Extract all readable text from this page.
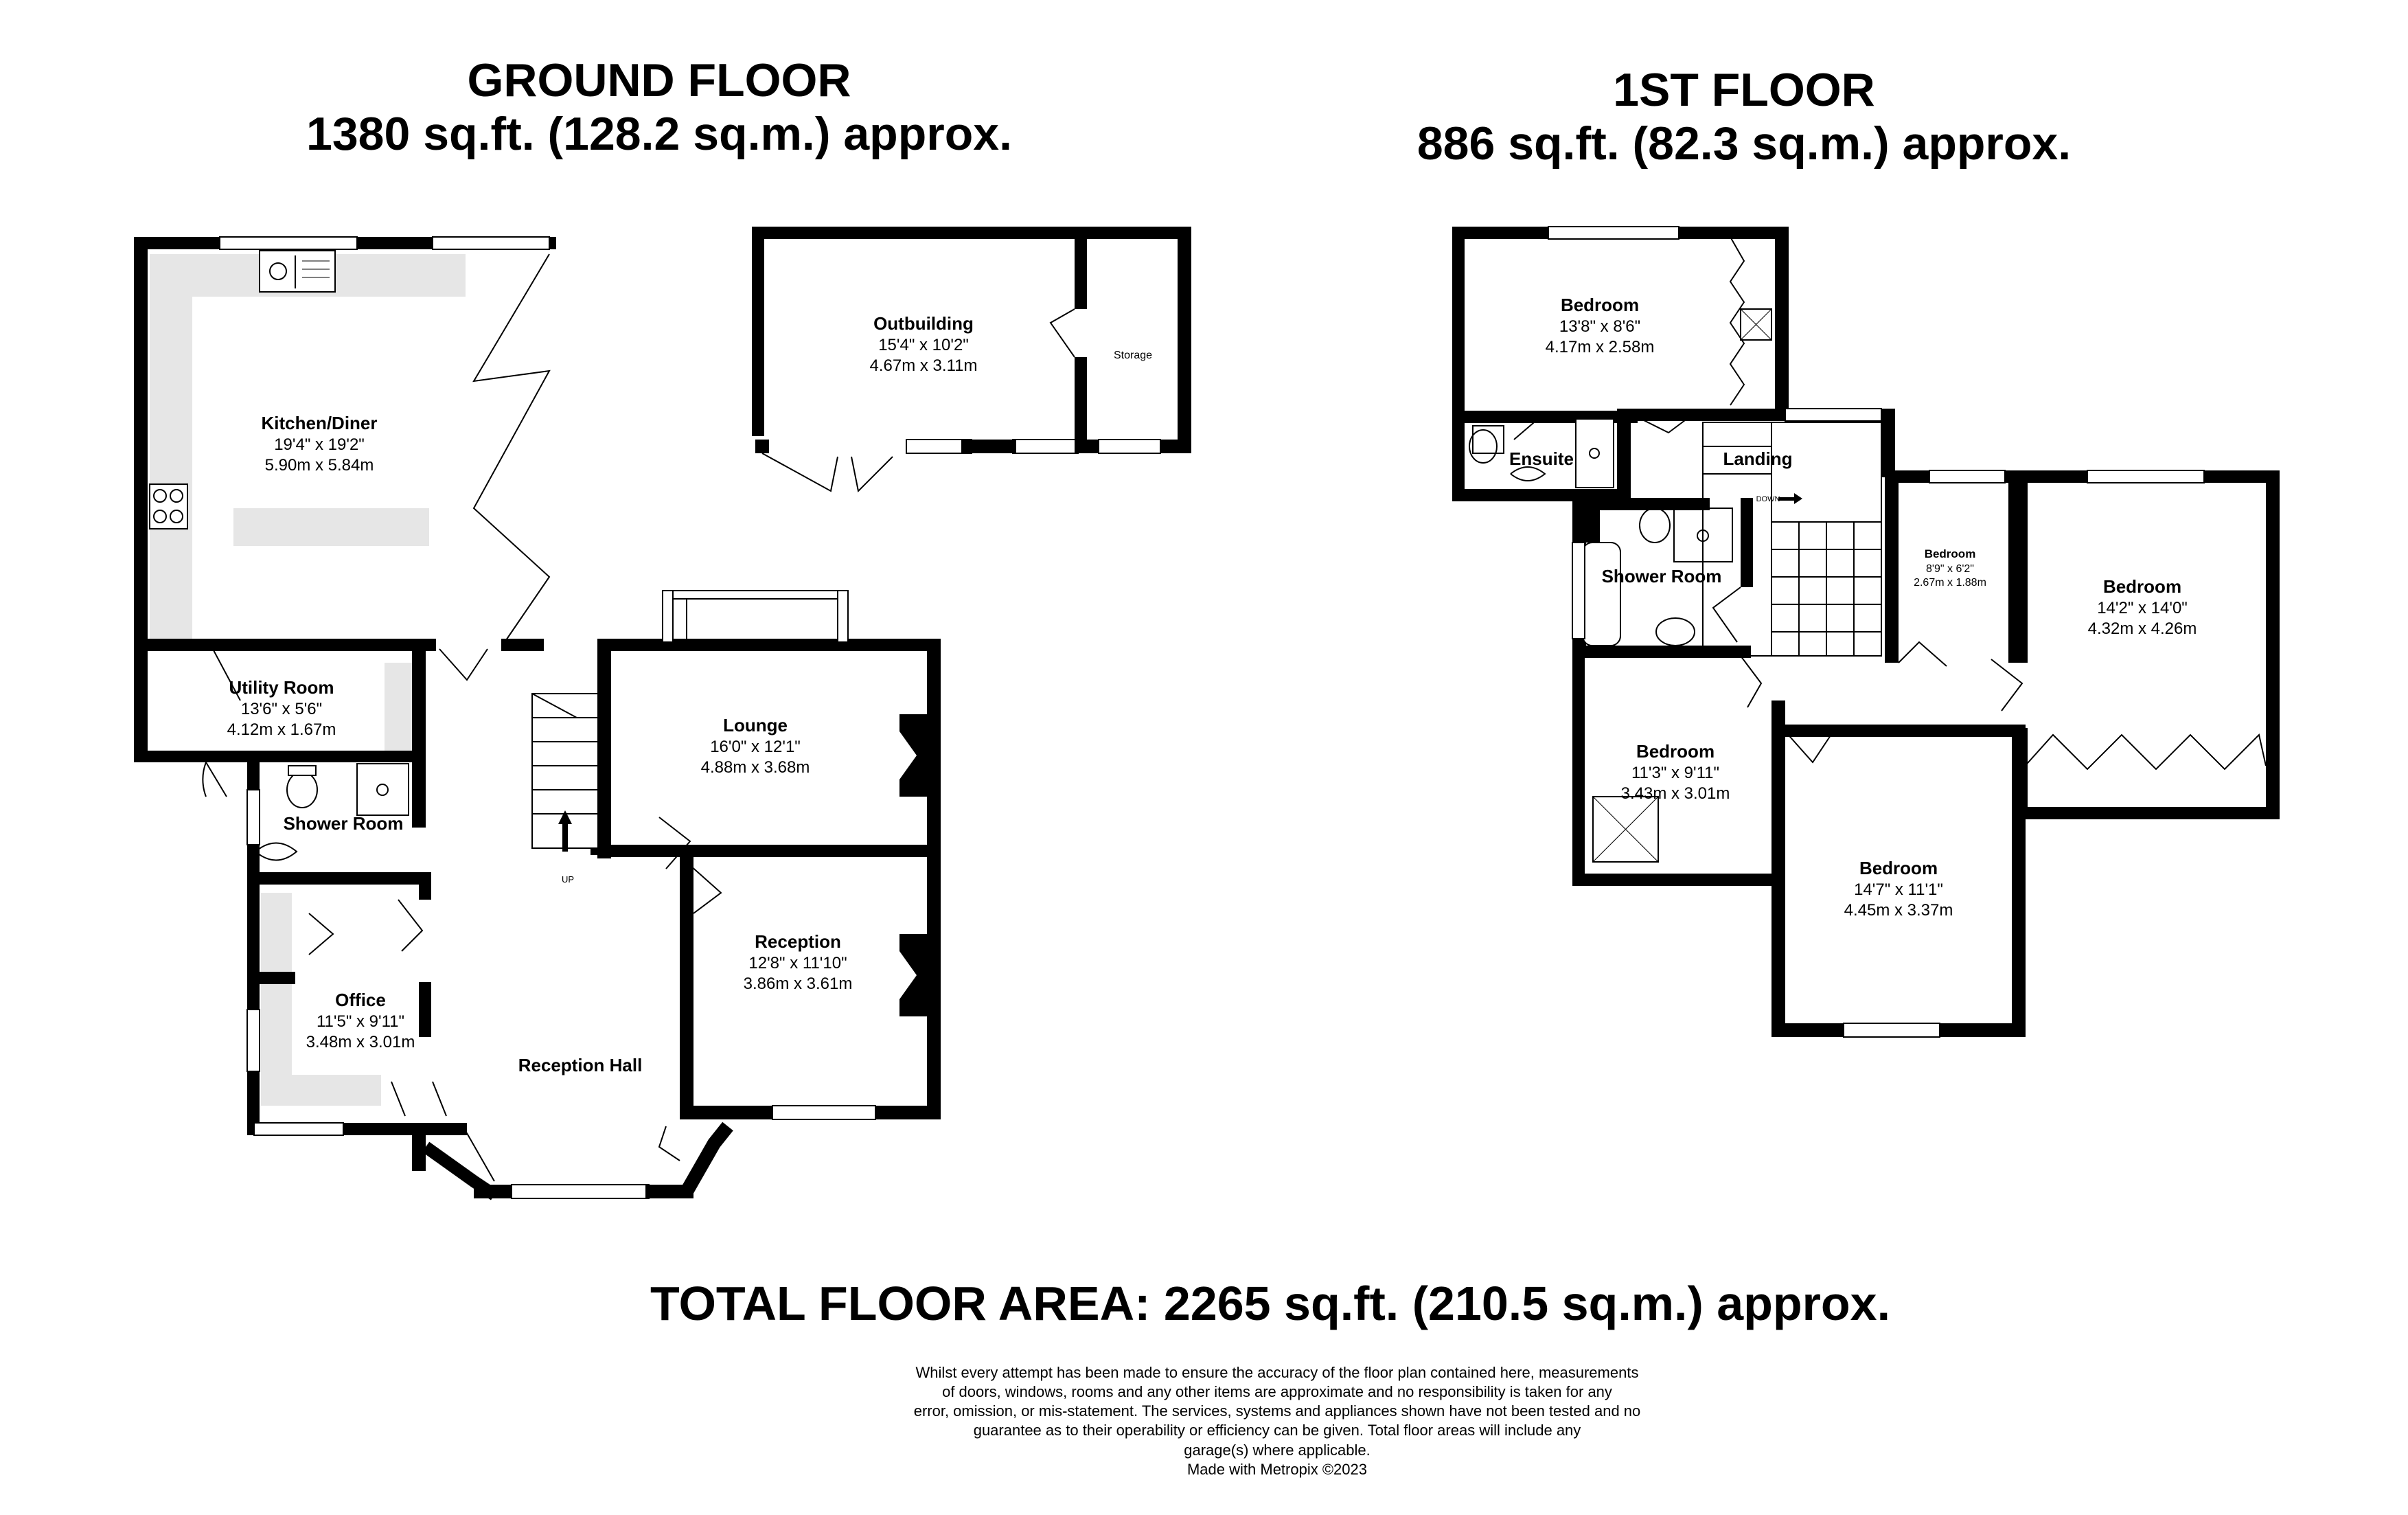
GROUND FLOOR
1380 sq.ft. (128.2 sq.m.) approx.
1ST FLOOR
886 sq.ft. (82.3 sq.m.) approx.
Kitchen/Diner
19'4" x 19'2"
5.90m x 5.84m
Outbuilding
15'4" x 10'2"
4.67m x 3.11m
Storage
Utility Room
13'6" x 5'6"
4.12m x 1.67m
Shower Room
Office
11'5" x 9'11"
3.48m x 3.01m
Reception Hall
UP
Lounge
16'0" x 12'1"
4.88m x 3.68m
Reception
12'8" x 11'10"
3.86m x 3.61m
Bedroom
13'8" x 8'6"
4.17m x 2.58m
Ensuite	Landing
DOWN
Shower Room
Bedroom
8'9" x 6'2"
2.67m x 1.88m	Bedroom
14'2" x 14'0"
4.32m x 4.26m
Bedroom
11'3" x 9'11"
3.43m x 3.01m
Bedroom
14'7" x 11'1"
4.45m x 3.37m
TOTAL FLOOR AREA: 2265 sq.ft. (210.5 sq.m.) approx.
Whilst every attempt has been made to ensure the accuracy of the floor plan contained here, measurements
of doors, windows, rooms and any other items are approximate and no responsibility is taken for any
error, omission, or mis-statement. The services, systems and appliances shown have not been tested and no
guarantee as to their operability or efficiency can be given. Total floor areas will include any
garage(s) where applicable.
Made with Metropix ©2023
